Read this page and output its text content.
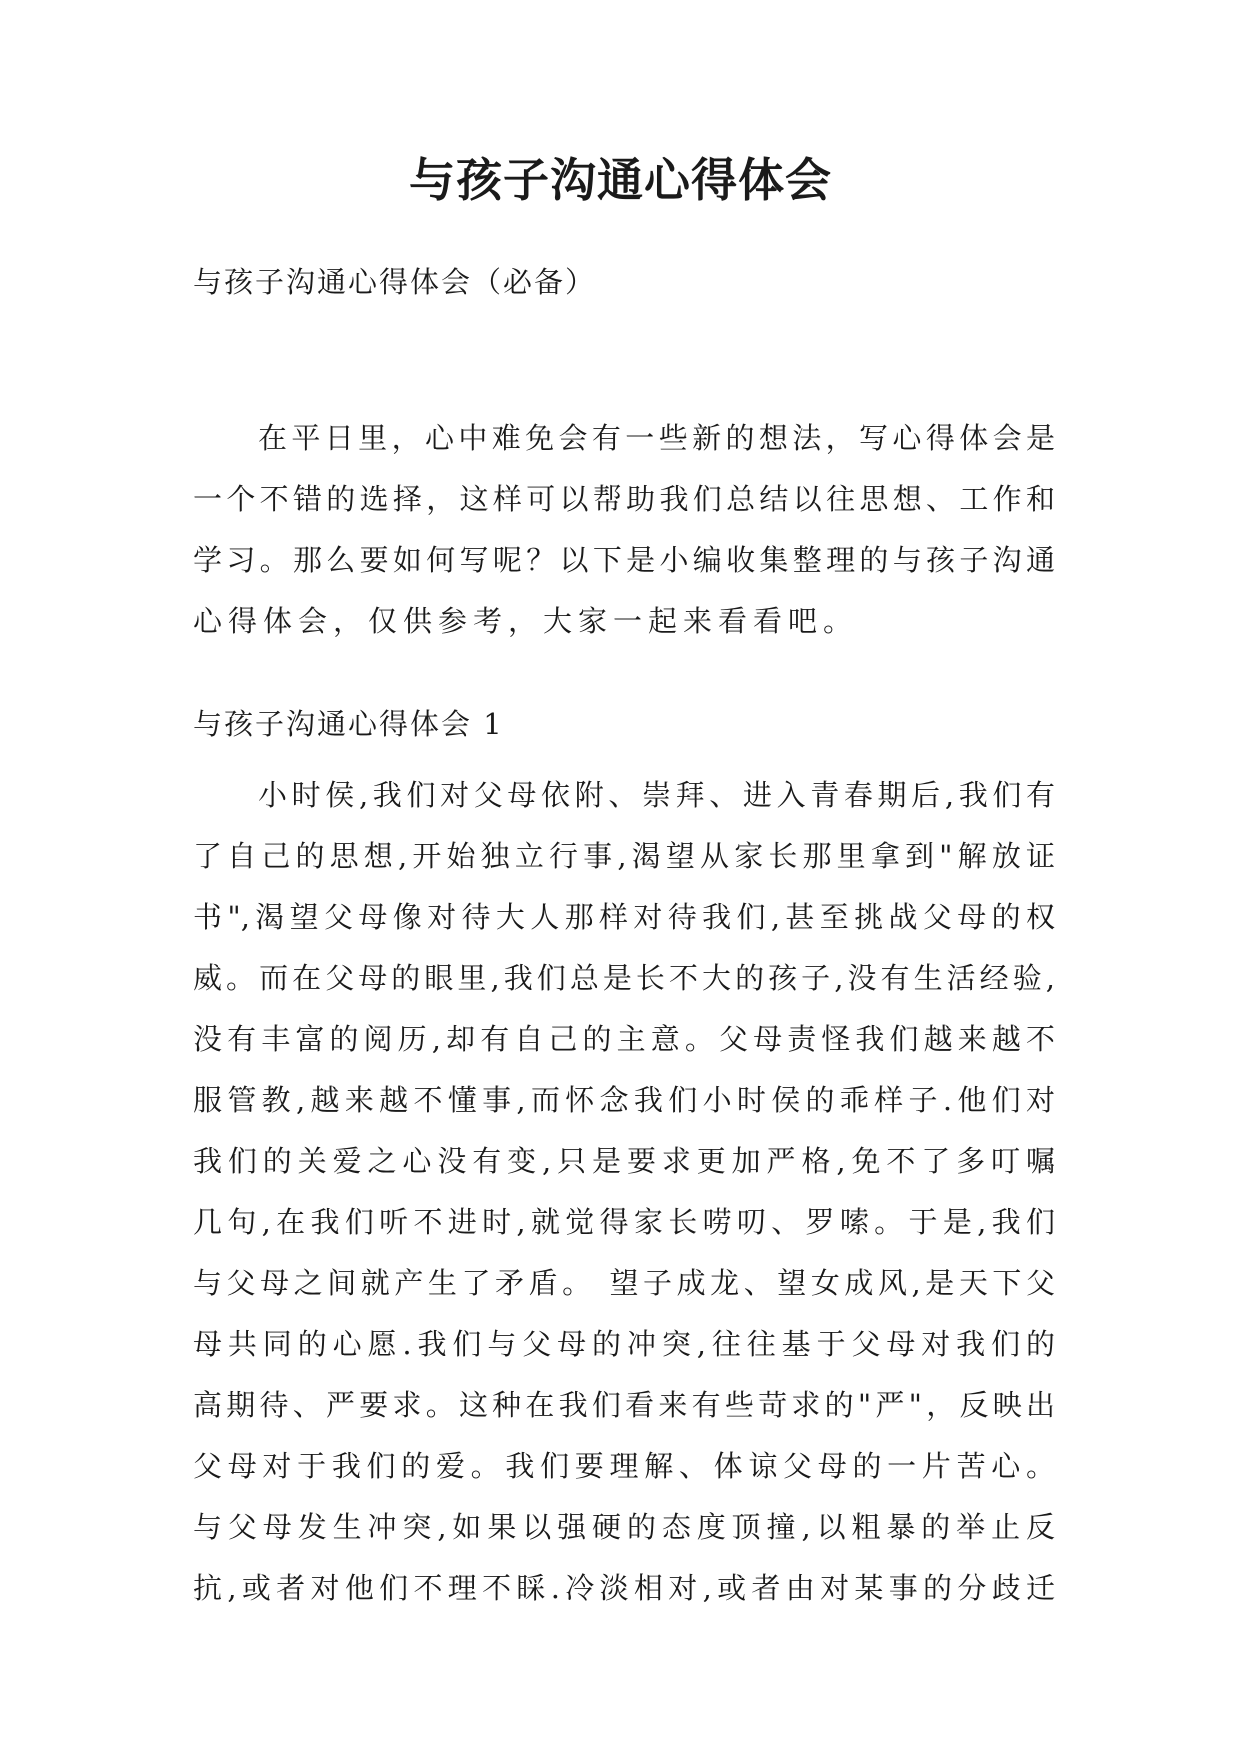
与孩子沟通心得体会
与孩子沟通心得体会（必备）
在平日里，心中难免会有一些新的想法，写心得体会是
一个不错的选择，这样可以帮助我们总结以往思想、工作和
学习。那么要如何写呢？以下是小编收集整理的与孩子沟通
心得体会，仅供参考，大家一起来看看吧。
与孩子沟通心得体会 1
小时侯,我们对父母依附、崇拜、进入青春期后,我们有
了自己的思想,开始独立行事,渴望从家长那里拿到"解放证
书",渴望父母像对待大人那样对待我们,甚至挑战父母的权
威。而在父母的眼里,我们总是长不大的孩子,没有生活经验,
没有丰富的阅历,却有自己的主意。父母责怪我们越来越不
服管教,越来越不懂事,而怀念我们小时侯的乖样子.他们对
我们的关爱之心没有变,只是要求更加严格,免不了多叮嘱
几句,在我们听不进时,就觉得家长唠叨、罗嗦。于是,我们
与父母之间就产生了矛盾。 望子成龙、望女成风,是天下父
母共同的心愿.我们与父母的冲突,往往基于父母对我们的
高期待、严要求。这种在我们看来有些苛求的"严"，反映出
父母对于我们的爱。我们要理解、体谅父母的一片苦心。
与父母发生冲突,如果以强硬的态度顶撞,以粗暴的举止反
抗,或者对他们不理不睬.冷淡相对,或者由对某事的分歧迁
